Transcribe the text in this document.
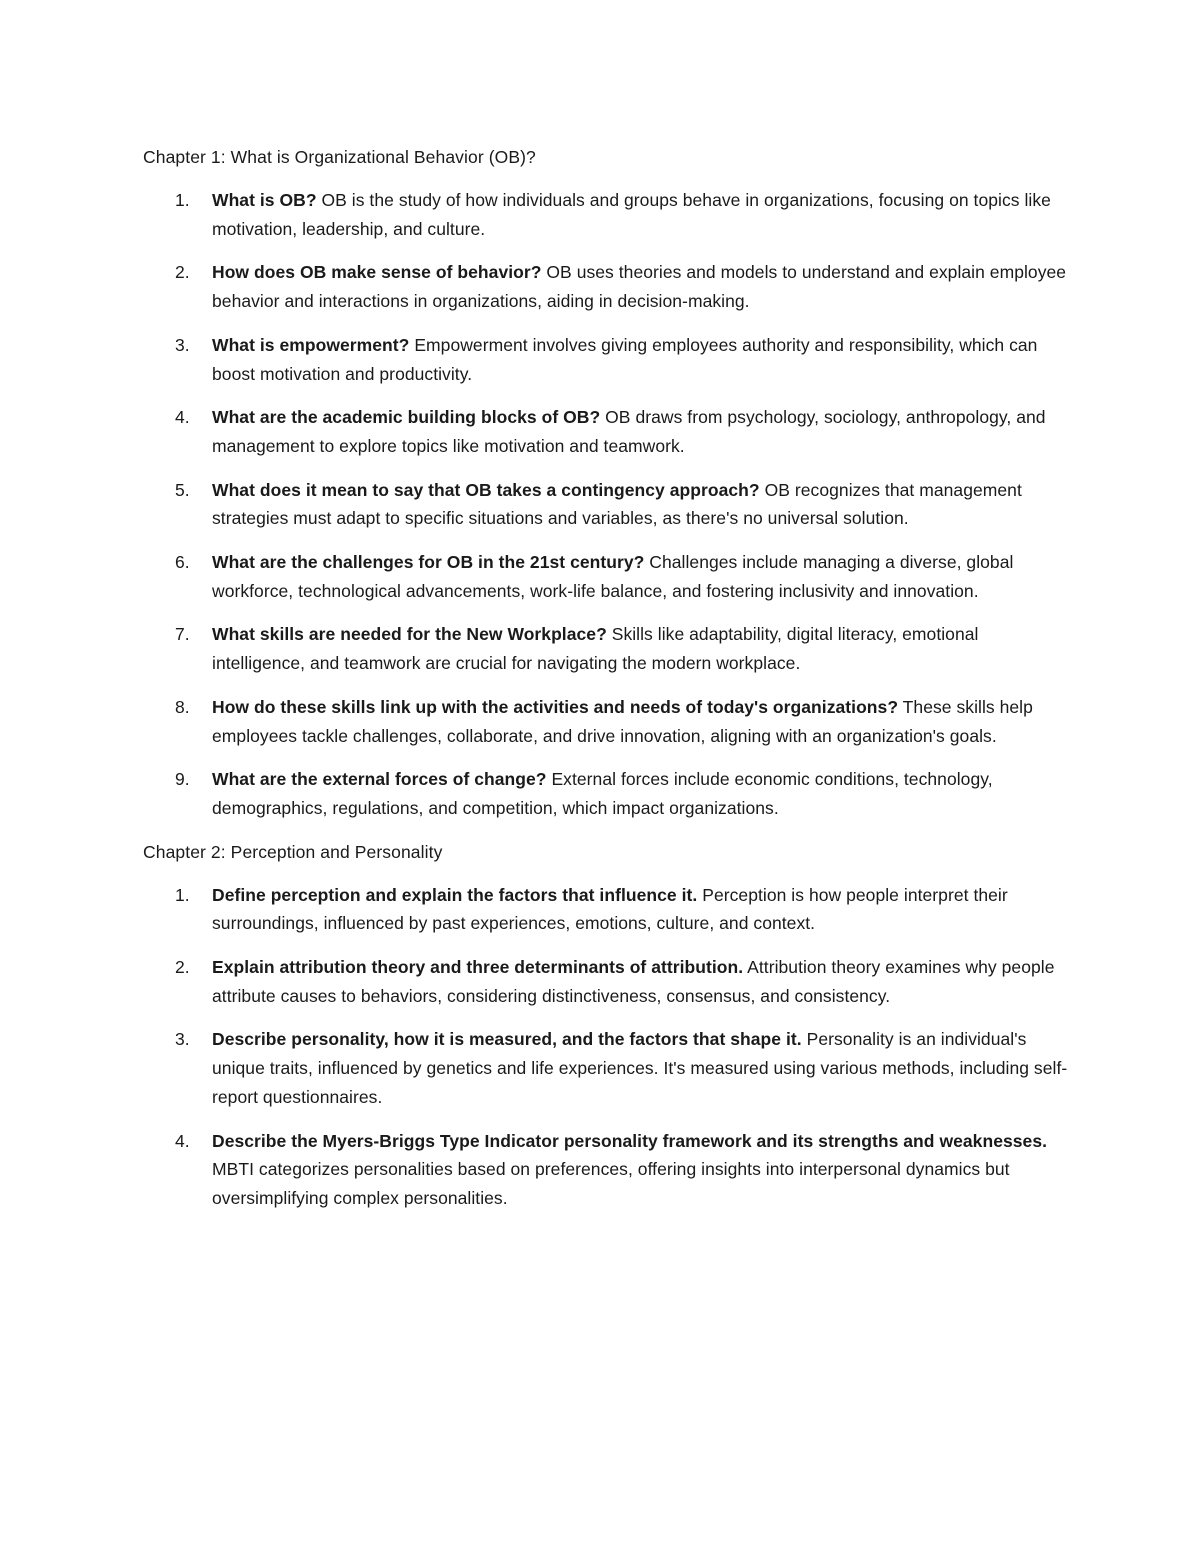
Chapter 1: What is Organizational Behavior (OB)?

1.	What is OB? OB is the study of how individuals and groups behave in organizations, focusing on topics like motivation, leadership, and culture.
2.	How does OB make sense of behavior? OB uses theories and models to understand and explain employee behavior and interactions in organizations, aiding in decision-making.
3.	What is empowerment? Empowerment involves giving employees authority and responsibility, which can boost motivation and productivity.
4.	What are the academic building blocks of OB? OB draws from psychology, sociology, anthropology, and management to explore topics like motivation and teamwork.
5.	What does it mean to say that OB takes a contingency approach? OB recognizes that management strategies must adapt to specific situations and variables, as there's no universal solution.
6.	What are the challenges for OB in the 21st century? Challenges include managing a diverse, global workforce, technological advancements, work-life balance, and fostering inclusivity and innovation.
7.	What skills are needed for the New Workplace? Skills like adaptability, digital literacy, emotional intelligence, and teamwork are crucial for navigating the modern workplace.
8.	How do these skills link up with the activities and needs of today's organizations? These skills help employees tackle challenges, collaborate, and drive innovation, aligning with an organization's goals.
9.	What are the external forces of change? External forces include economic conditions, technology, demographics, regulations, and competition, which impact organizations.

Chapter 2: Perception and Personality

1.	Define perception and explain the factors that influence it. Perception is how people interpret their surroundings, influenced by past experiences, emotions, culture, and context.
2.	Explain attribution theory and three determinants of attribution. Attribution theory examines why people attribute causes to behaviors, considering distinctiveness, consensus, and consistency.
3.	Describe personality, how it is measured, and the factors that shape it. Personality is an individual's unique traits, influenced by genetics and life experiences. It's measured using various methods, including self-report questionnaires.
4.	Describe the Myers-Briggs Type Indicator personality framework and its strengths and weaknesses. MBTI categorizes personalities based on preferences, offering insights into interpersonal dynamics but oversimplifying complex personalities.
